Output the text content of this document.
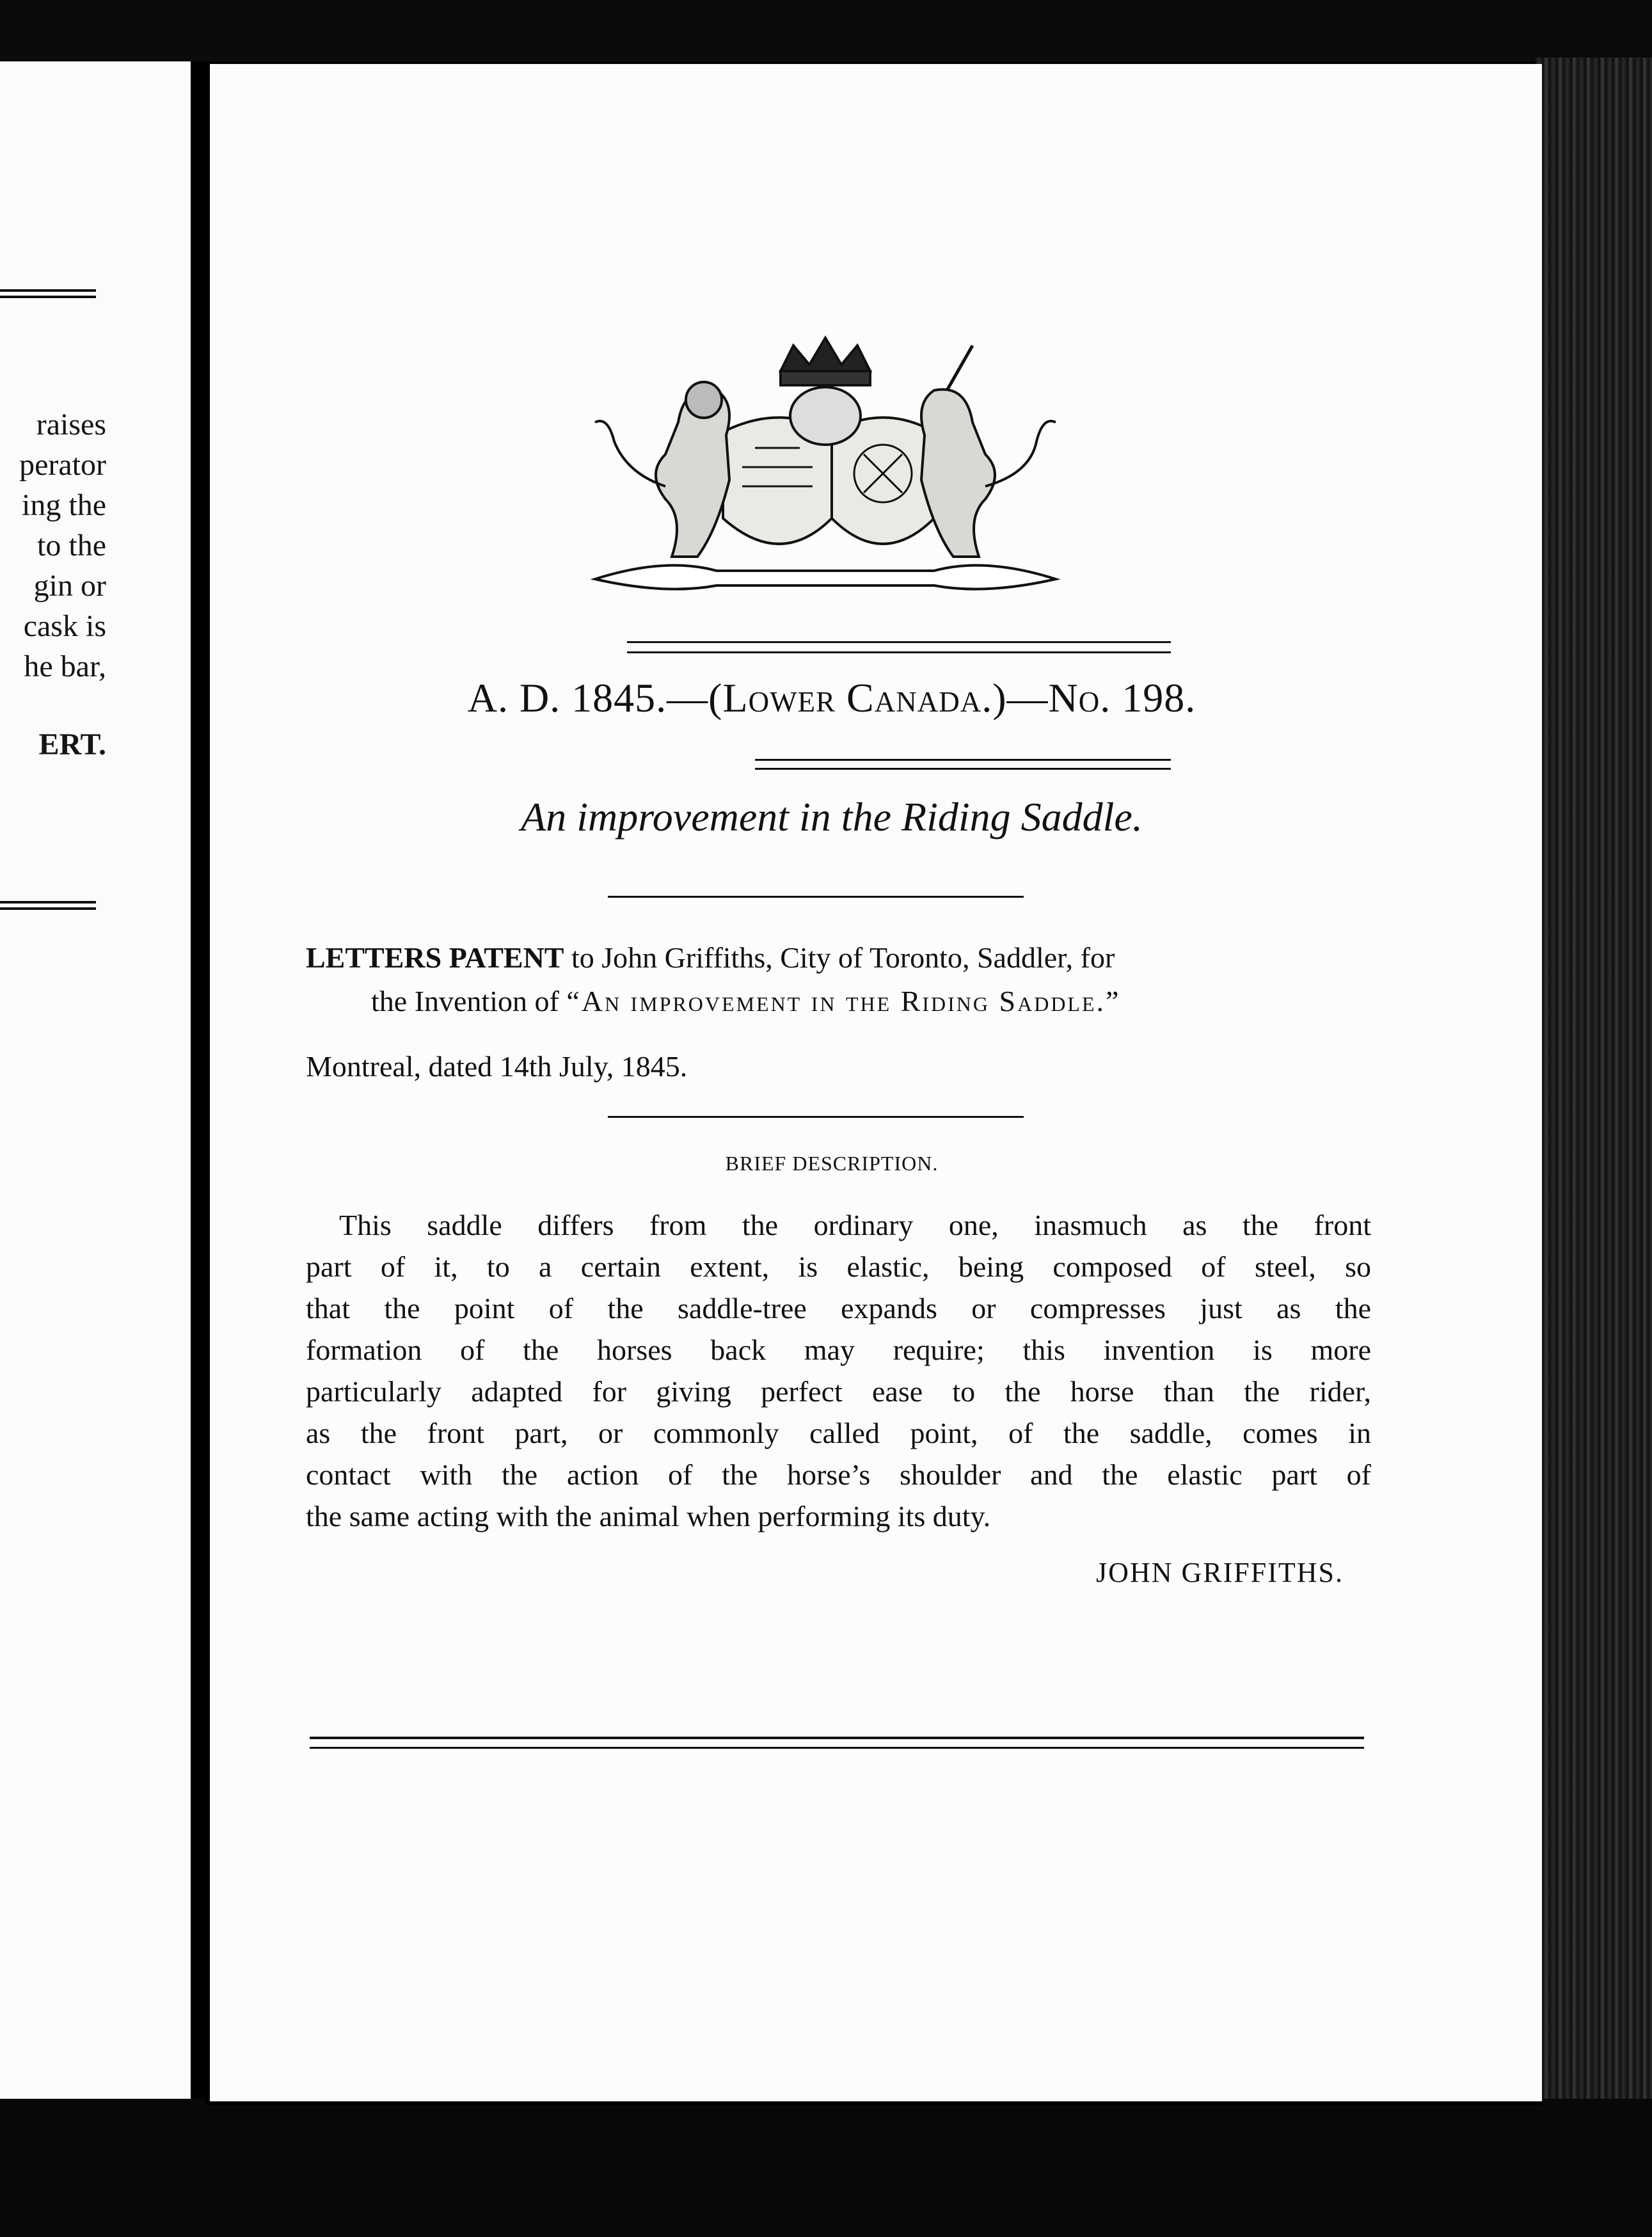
raises
perator
ing the
to the
gin or
cask is
he bar,
ERT.
A. D. 1845.—(Lower Canada.)—No. 198.
An improvement in the Riding Saddle.
LETTERS PATENT to John Griffiths, City of Toronto, Saddler, for
the Invention of “An improvement in the Riding Saddle.”
Montreal, dated 14th July, 1845.
BRIEF DESCRIPTION.
This saddle differs from the ordinary one, inasmuch as the front
part of it, to a certain extent, is elastic, being composed of steel, so
that the point of the saddle-tree expands or compresses just as the
formation of the horses back may require; this invention is more
particularly adapted for giving perfect ease to the horse than the rider,
as the front part, or commonly called point, of the saddle, comes in
contact with the action of the horse’s shoulder and the elastic part of
the same acting with the animal when performing its duty.
JOHN GRIFFITHS.
